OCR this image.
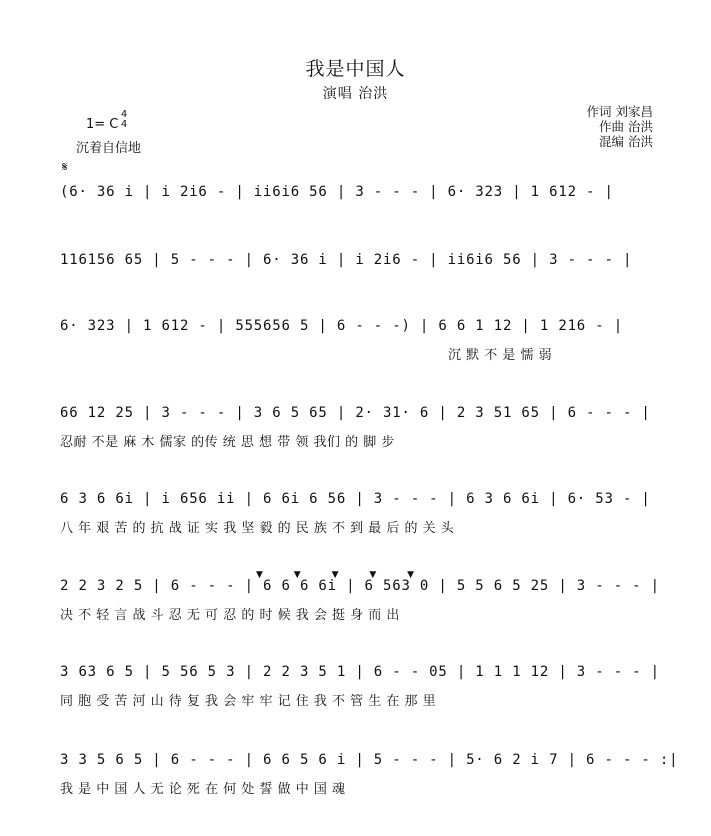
我是中国人
演唱 治洪
作词 刘家昌
作曲 治洪
混编 治洪
1= C
4
4
沉着自信地
𝄋
(6· 36 i | i 2i6 - | ii6i6 56 | 3 - - - | 6· 323 | 1 612 - |
116156 65 | 5 - - - | 6· 36 i | i 2i6 - | ii6i6 56 | 3 - - - |
6· 323 | 1 612 - | 555656 5 | 6 - - -) | 6 6 1 12 | 1 216 - |
沉 默 不 是 懦 弱
66 12 25 | 3 - - - | 3 6 5 65 | 2· 31· 6 | 2 3 51 65 | 6 - - - |
忍耐 不是 麻 木 儒家 的传 统 思 想 带 领 我们 的 脚 步
6 3 6 6i | i 656 ii | 6 6i 6 56 | 3 - - - | 6 3 6 6i | 6· 53 - |
八 年 艰 苦 的 抗 战 证 实 我 坚 毅 的 民 族 不 到 最 后 的 关 头
▼ ▼ ▼ ▼ ▼
2 2 3 2 5 | 6 - - - | 6 6 6 6i | 6 563 0 | 5 5 6 5 25 | 3 - - - |
决 不 轻 言 战 斗 忍 无 可 忍 的 时 候 我 会 挺 身 而 出
3 63 6 5 | 5 56 5 3 | 2 2 3 5 1 | 6 - - 05 | 1 1 1 12 | 3 - - - |
同 胞 受 苦 河 山 待 复 我 会 牢 牢 记 住 我 不 管 生 在 那 里
3 3 5 6 5 | 6 - - - | 6 6 5 6 i | 5 - - - | 5· 6 2 i 7 | 6 - - - :|
我 是 中 国 人 无 论 死 在 何 处 誓 做 中 国 魂
